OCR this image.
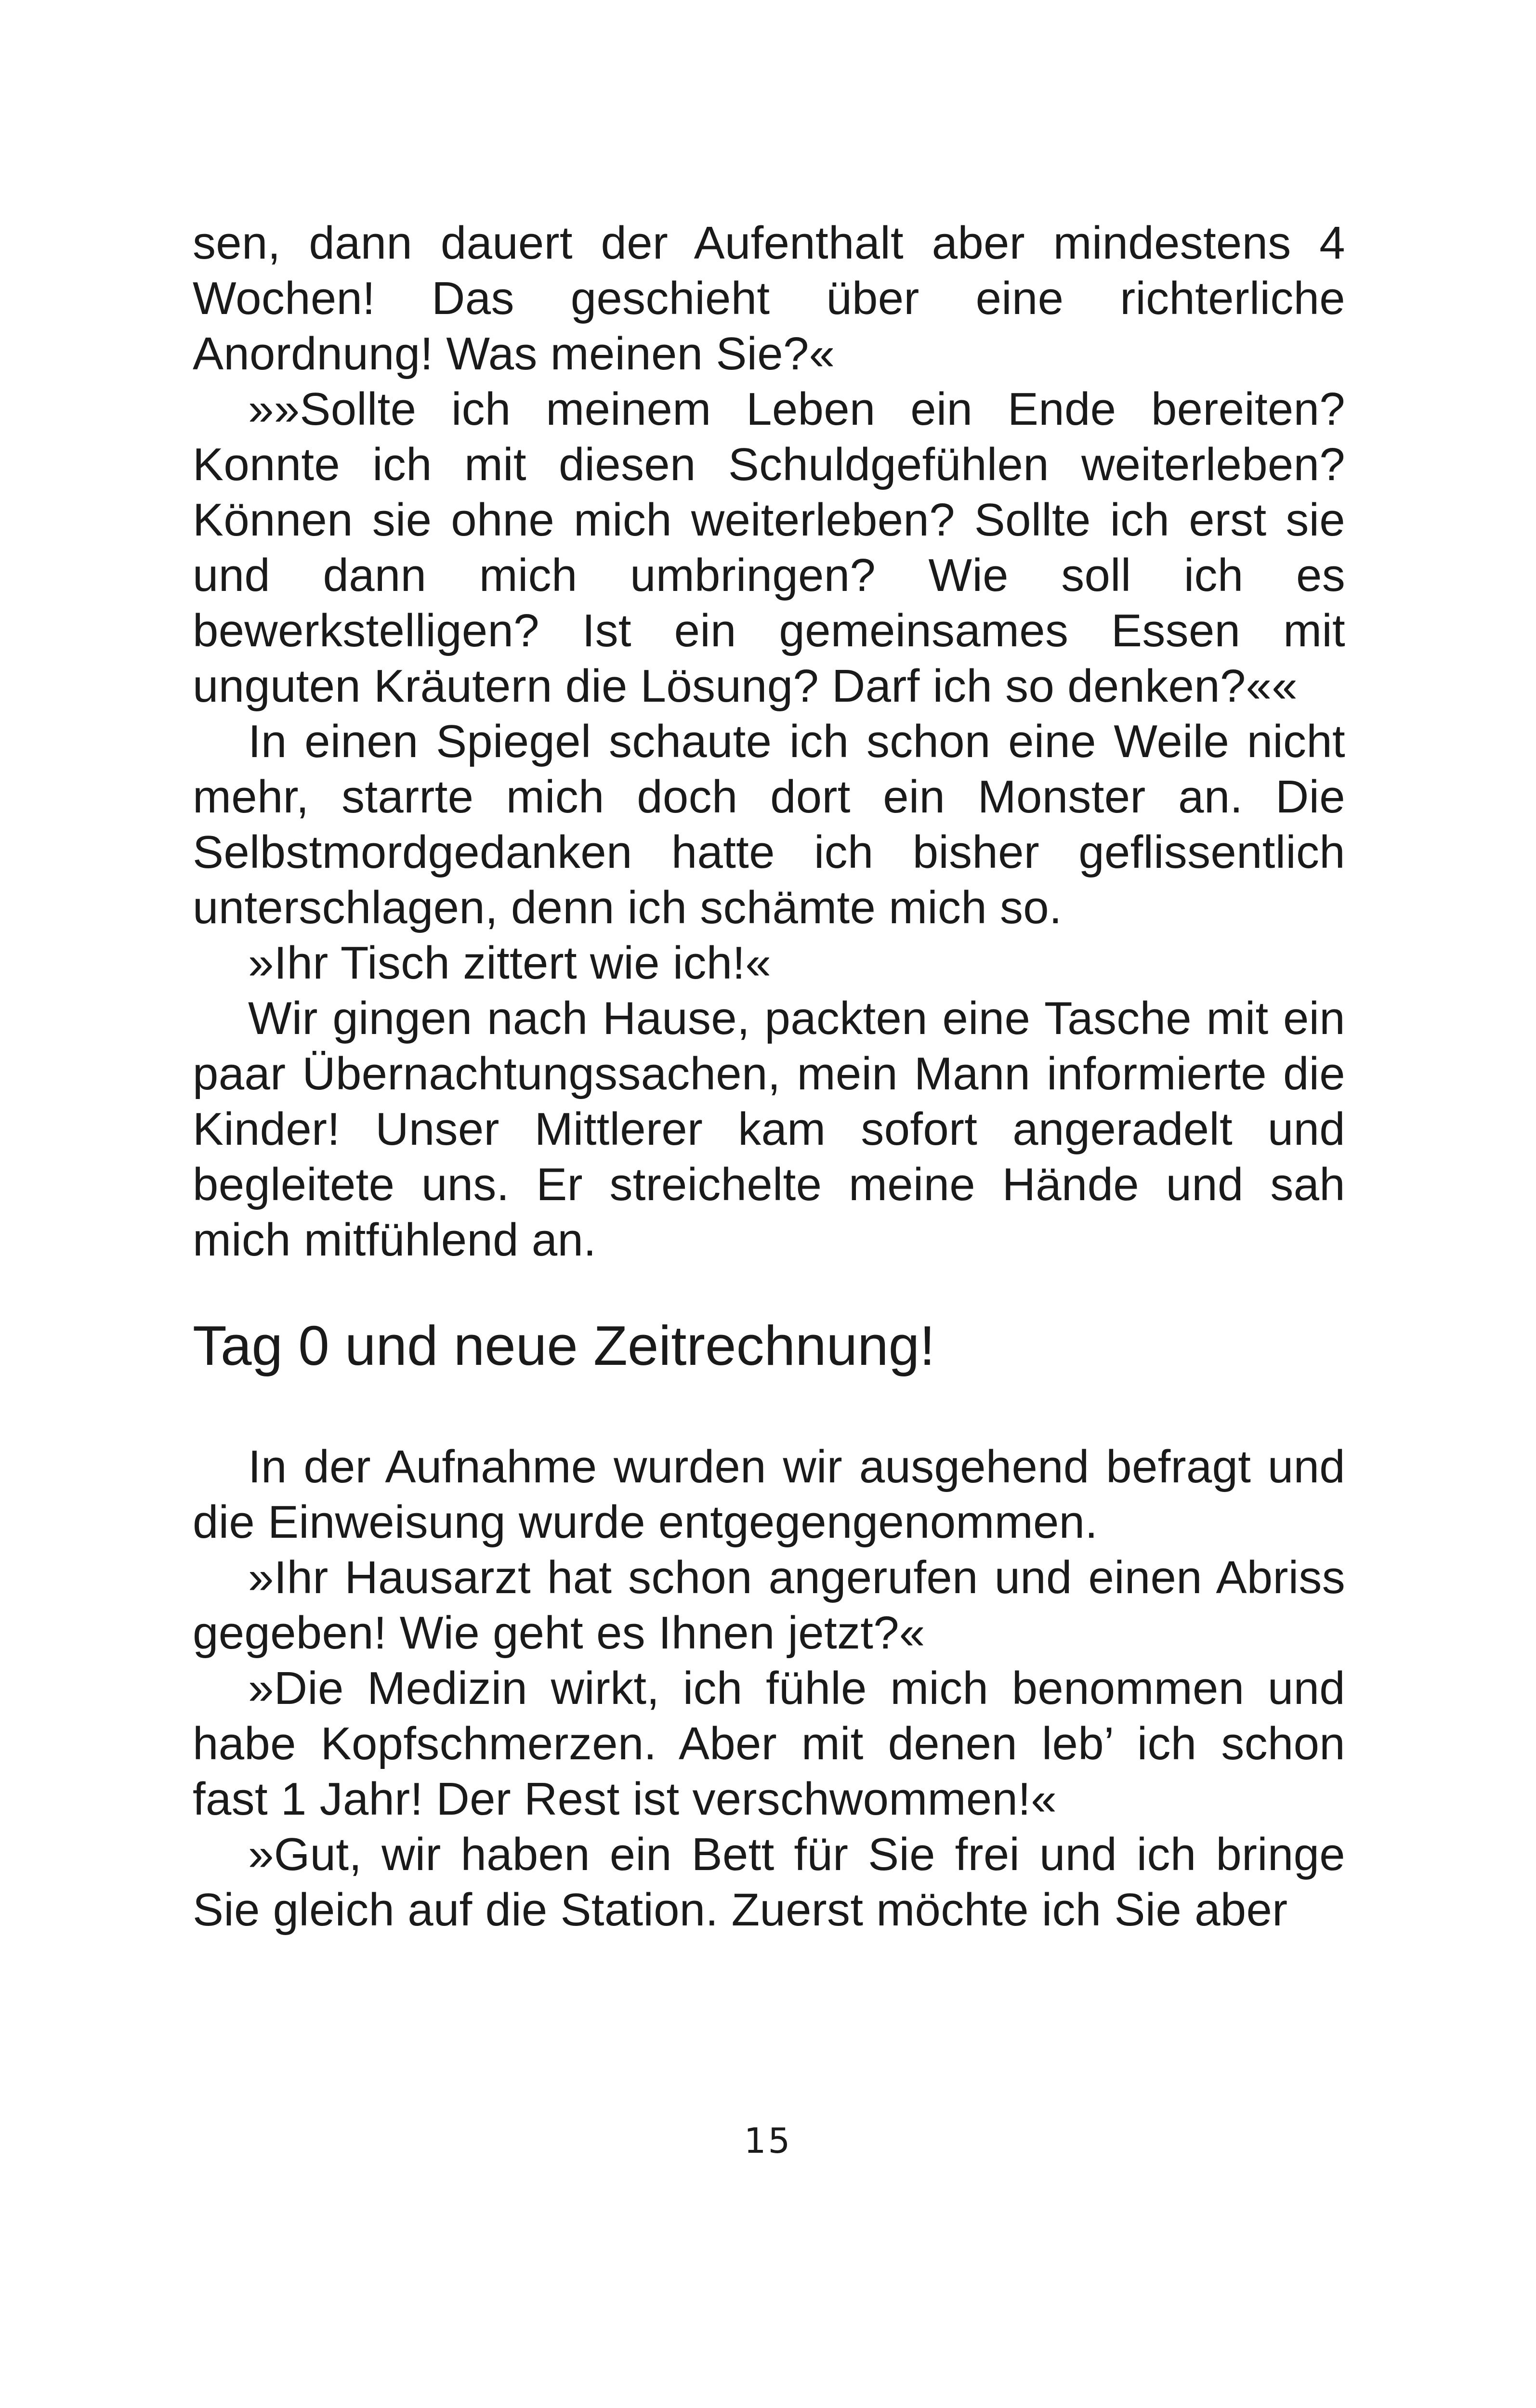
sen, dann dauert der Aufenthalt aber mindestens 4 Wochen! Das geschieht über eine richterliche Anordnung! Was meinen Sie?«

»»Sollte ich meinem Leben ein Ende bereiten? Konnte ich mit diesen Schuldgefühlen weiterleben? Können sie ohne mich weiterleben? Sollte ich erst sie und dann mich umbringen? Wie soll ich es bewerkstelligen? Ist ein gemeinsames Essen mit unguten Kräutern die Lösung? Darf ich so denken?««

In einen Spiegel schaute ich schon eine Weile nicht mehr, starrte mich doch dort ein Monster an. Die Selbstmordgedanken hatte ich bisher geflissentlich unterschlagen, denn ich schämte mich so.

»Ihr Tisch zittert wie ich!«

Wir gingen nach Hause, packten eine Tasche mit ein paar Übernachtungssachen, mein Mann informierte die Kinder! Unser Mittlerer kam sofort angeradelt und begleitete uns. Er streichelte meine Hände und sah mich mitfühlend an.

Tag 0 und neue Zeitrechnung!

In der Aufnahme wurden wir ausgehend befragt und die Einweisung wurde entgegengenommen.

»Ihr Hausarzt hat schon angerufen und einen Abriss gegeben! Wie geht es Ihnen jetzt?«

»Die Medizin wirkt, ich fühle mich benommen und habe Kopfschmerzen. Aber mit denen leb’ ich schon fast 1 Jahr! Der Rest ist verschwommen!«

»Gut, wir haben ein Bett für Sie frei und ich bringe Sie gleich auf die Station. Zuerst möchte ich Sie aber

15
